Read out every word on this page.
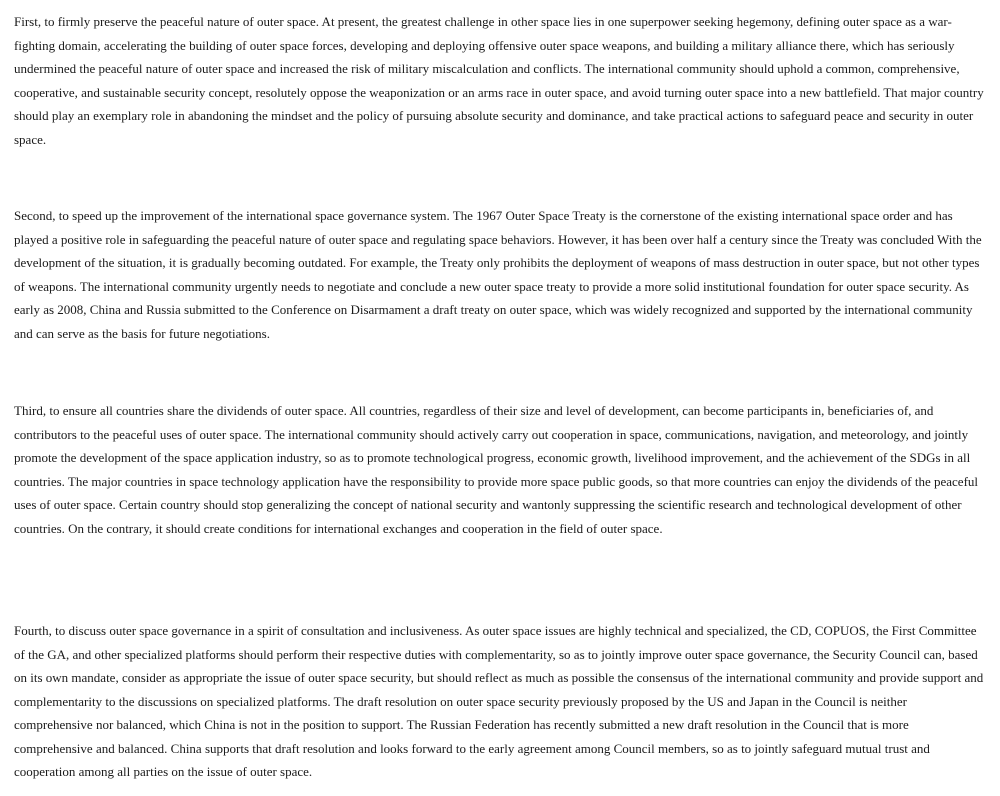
First, to firmly preserve the peaceful nature of outer space. At present, the greatest challenge in other space lies in one superpower seeking hegemony, defining outer space as a war-fighting domain, accelerating the building of outer space forces, developing and deploying offensive outer space weapons, and building a military alliance there, which has seriously undermined the peaceful nature of outer space and increased the risk of military miscalculation and conflicts. The international community should uphold a common, comprehensive, cooperative, and sustainable security concept, resolutely oppose the weaponization or an arms race in outer space, and avoid turning outer space into a new battlefield. That major country should play an exemplary role in abandoning the mindset and the policy of pursuing absolute security and dominance, and take practical actions to safeguard peace and security in outer space.

Second, to speed up the improvement of the international space governance system. The 1967 Outer Space Treaty is the cornerstone of the existing international space order and has played a positive role in safeguarding the peaceful nature of outer space and regulating space behaviors. However, it has been over half a century since the Treaty was concluded With the development of the situation, it is gradually becoming outdated. For example, the Treaty only prohibits the deployment of weapons of mass destruction in outer space, but not other types of weapons. The international community urgently needs to negotiate and conclude a new outer space treaty to provide a more solid institutional foundation for outer space security. As early as 2008, China and Russia submitted to the Conference on Disarmament a draft treaty on outer space, which was widely recognized and supported by the international community and can serve as the basis for future negotiations.

Third, to ensure all countries share the dividends of outer space. All countries, regardless of their size and level of development, can become participants in, beneficiaries of, and contributors to the peaceful uses of outer space. The international community should actively carry out cooperation in space, communications, navigation, and meteorology, and jointly promote the development of the space application industry, so as to promote technological progress, economic growth, livelihood improvement, and the achievement of the SDGs in all countries. The major countries in space technology application have the responsibility to provide more space public goods, so that more countries can enjoy the dividends of the peaceful uses of outer space. Certain country should stop generalizing the concept of national security and wantonly suppressing the scientific research and technological development of other countries. On the contrary, it should create conditions for international exchanges and cooperation in the field of outer space.

Fourth, to discuss outer space governance in a spirit of consultation and inclusiveness. As outer space issues are highly technical and specialized, the CD, COPUOS, the First Committee of the GA, and other specialized platforms should perform their respective duties with complementarity, so as to jointly improve outer space governance, the Security Council can, based on its own mandate, consider as appropriate the issue of outer space security, but should reflect as much as possible the consensus of the international community and provide support and complementarity to the discussions on specialized platforms. The draft resolution on outer space security previously proposed by the US and Japan in the Council is neither comprehensive nor balanced, which China is not in the position to support. The Russian Federation has recently submitted a new draft resolution in the Council that is more comprehensive and balanced. China supports that draft resolution and looks forward to the early agreement among Council members, so as to jointly safeguard mutual trust and cooperation among all parties on the issue of outer space.
